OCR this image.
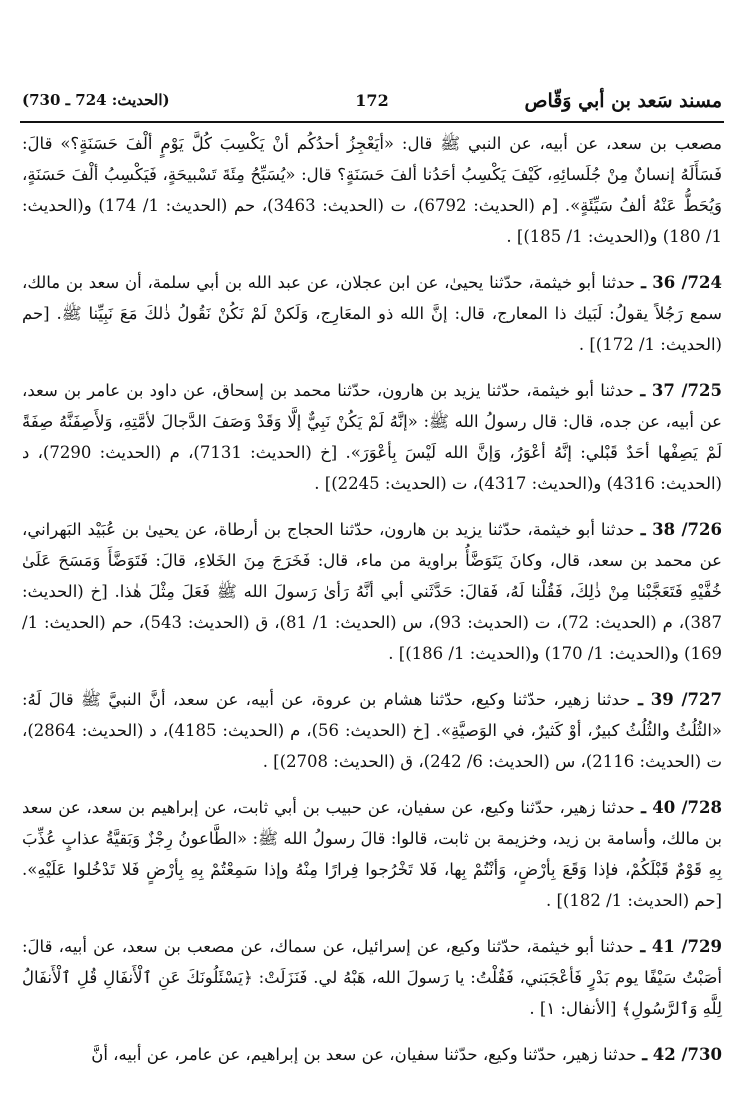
مسند سَعد بن أبي وَقّاص
172
(الحديث: 724 ـ 730)

مصعب بن سعد، عن أبيه، عن النبي ﷺ قال: «أيَعْجِزُ أحدُكُم أنْ يَكْسِبَ كُلَّ يَوْمٍ ألْفَ حَسَنَةٍ؟» قالَ: فَسَأَلَهُ إنسانٌ مِنْ جُلَسائِهِ، كَيْفَ يَكْسِبُ أحَدُنا ألفَ حَسَنَةٍ؟ قال: «يُسَبِّحُ مِئَةَ تَسْبيحَةٍ، فَيَكْسِبُ ألْفَ حَسَنَةٍ، وَيُحَطُّ عَنْهُ ألفُ سَيِّئَةٍ». [م (الحديث: 6792)، ت (الحديث: 3463)، حم (الحديث: 1/ 174) و(الحديث: 1/ 180) و(الحديث: 1/ 185)] .

724/ 36 ـ حدثنا أبو خيثمة، حدّثنا يحيىٰ، عن ابن عجلان، عن عبد الله بن أبي سلمة، أن سعد بن مالك، سمع رَجُلاً يقولُ: لَبَيك ذا المعارج، قال: إنَّ الله ذو المعَارِج، وَلَكنْ لَمْ نَكُنْ نَقُولُ ذٰلكَ مَعَ نَبِيِّنا ﷺ. [حم (الحديث: 1/ 172)] .

725/ 37 ـ حدثنا أبو خيثمة، حدّثنا يزيد بن هارون، حدّثنا محمد بن إسحاق، عن داود بن عامر بن سعد، عن أبيه، عن جده، قال: قال رسولُ الله ﷺ: «إنَّهُ لَمْ يَكُنْ نَبِيٌّ إلَّا وَقَدْ وَصَفَ الدَّجالَ لأمَّتِهِ، وَلأَصِفَنَّهُ صِفَةً لَمْ يَصِفْها أحَدٌ قَبْلي: إنَّهُ أعْوَرُ، وَإنَّ الله لَيْسَ بِأعْوَرَ». [خ (الحديث: 7131)، م (الحديث: 7290)، د (الحديث: 4316) و(الحديث: 4317)، ت (الحديث: 2245)] .

726/ 38 ـ حدثنا أبو خيثمة، حدّثنا يزيد بن هارون، حدّثنا الحجاج بن أرطاة، عن يحيىٰ بن عُبَيْد البَهراني، عن محمد بن سعد، قال، وكانَ يَتَوَضَّأُ براوية من ماء، قال: فَخَرَجَ مِنَ الخَلاءِ، قالَ: فَتَوَضَّأَ وَمَسَحَ عَلَىٰ خُفَّيْهِ فَتَعَجَّبْنا مِنْ ذٰلِكَ، فَقُلْنا لَهُ، فَقالَ: حَدَّثَني أبي أنَّهُ رَأىٰ رَسولَ الله ﷺ فَعَلَ مِثْلَ هٰذا. [خ (الحديث: 387)، م (الحديث: 72)، ت (الحديث: 93)، س (الحديث: 1/ 81)، ق (الحديث: 543)، حم (الحديث: 1/ 169) و(الحديث: 1/ 170) و(الحديث: 1/ 186)] .

727/ 39 ـ حدثنا زهير، حدّثنا وكيع، حدّثنا هشام بن عروة، عن أبيه، عن سعد، أنَّ النبيَّ ﷺ قالَ لَهُ: «الثُلُثُ والثُلُثُ كبيرٌ، أوْ كَثيرٌ، في الوَصيَّةِ». [خ (الحديث: 56)، م (الحديث: 4185)، د (الحديث: 2864)، ت (الحديث: 2116)، س (الحديث: 6/ 242)، ق (الحديث: 2708)] .

728/ 40 ـ حدثنا زهير، حدّثنا وكيع، عن سفيان، عن حبيب بن أبي ثابت، عن إبراهيم بن سعد، عن سعد بن مالك، وأسامة بن زيد، وخزيمة بن ثابت، قالوا: قالَ رسولُ الله ﷺ: «الطَّاعونُ رِجْزٌ وَبَقيَّةُ عذابٍ عُذِّبَ بِهِ قَوْمٌ قَبْلَكُمْ، فإذا وَقَعَ بِأرْضٍ، وَأنْتُمْ بِها، فَلا تَخْرُجوا فِرارًا مِنْهُ وإذا سَمِعْتُمْ بِهِ بِأرْضٍ فَلا تَدْخُلوا عَلَيْهِ». [حم (الحديث: 1/ 182)] .

729/ 41 ـ حدثنا أبو خيثمة، حدّثنا وكيع، عن إسرائيل، عن سماك، عن مصعب بن سعد، عن أبيه، قالَ: أصَبْتُ سَيْفًا يوم بَدْرٍ فَأعْجَبَني، فَقُلْتُ: يا رَسولَ الله، هَبْهُ لي. فَنَزَلَتْ: ﴿يَسْئَلُونَكَ عَنِ ٱلْأَنفَالِ قُلِ ٱلْأَنفَالُ لِلَّهِ وَٱلرَّسُولِ﴾ [الأنفال: ١] .

730/ 42 ـ حدثنا زهير، حدّثنا وكيع، حدّثنا سفيان، عن سعد بن إبراهيم، عن عامر، عن أبيه، أنَّ
